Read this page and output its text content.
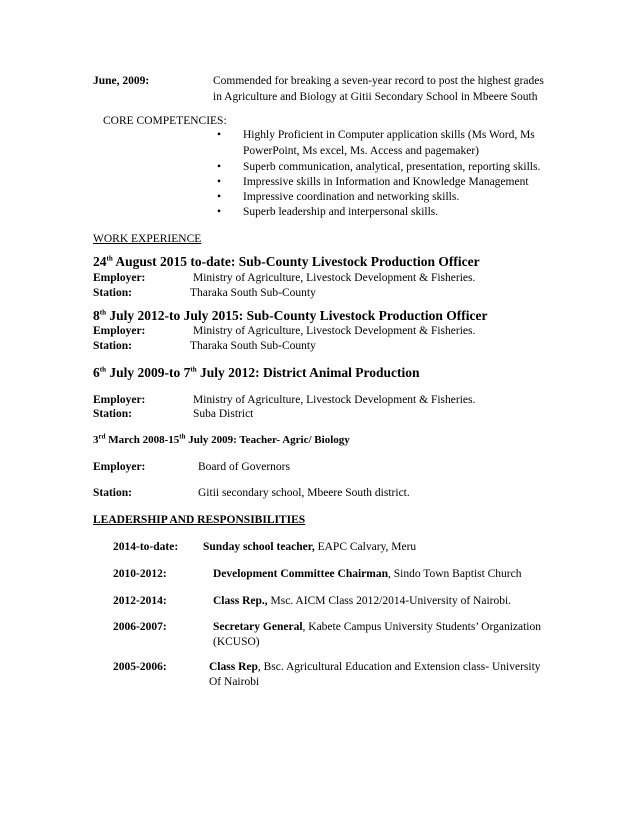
June, 2009:	Commended for breaking a seven-year record to post the highest grades
in Agriculture and Biology at Gitii Secondary School in Mbeere South
CORE COMPETENCIES:
Highly Proficient in Computer application skills (Ms Word, Ms
PowerPoint, Ms excel, Ms. Access and pagemaker)
Superb communication, analytical, presentation, reporting skills.
Impressive skills in Information and Knowledge Management
Impressive coordination and networking skills.
Superb leadership and interpersonal skills.
WORK EXPERIENCE
24th August 2015 to-date: Sub-County Livestock Production Officer
Employer:	Ministry of Agriculture, Livestock Development & Fisheries.
Station:	Tharaka South Sub-County
8th July 2012-to July 2015: Sub-County Livestock Production Officer
Employer:	Ministry of Agriculture, Livestock Development & Fisheries.
Station:	Tharaka South Sub-County
6th July 2009-to 7th July 2012: District Animal Production
Employer:	Ministry of Agriculture, Livestock Development & Fisheries.
Station:	Suba District
3rd March 2008-15th July 2009: Teacher- Agric/ Biology
Employer:	Board of Governors
Station:	Gitii secondary school, Mbeere South district.
LEADERSHIP AND RESPONSIBILITIES
2014-to-date: Sunday school teacher, EAPC Calvary, Meru
2010-2012:	Development Committee Chairman, Sindo Town Baptist Church
2012-2014:	Class Rep., Msc. AICM Class 2012/2014-University of Nairobi.
2006-2007:	Secretary General, Kabete Campus University Students’ Organization
(KCUSO)
2005-2006:	Class Rep, Bsc. Agricultural Education and Extension class- University
Of Nairobi
